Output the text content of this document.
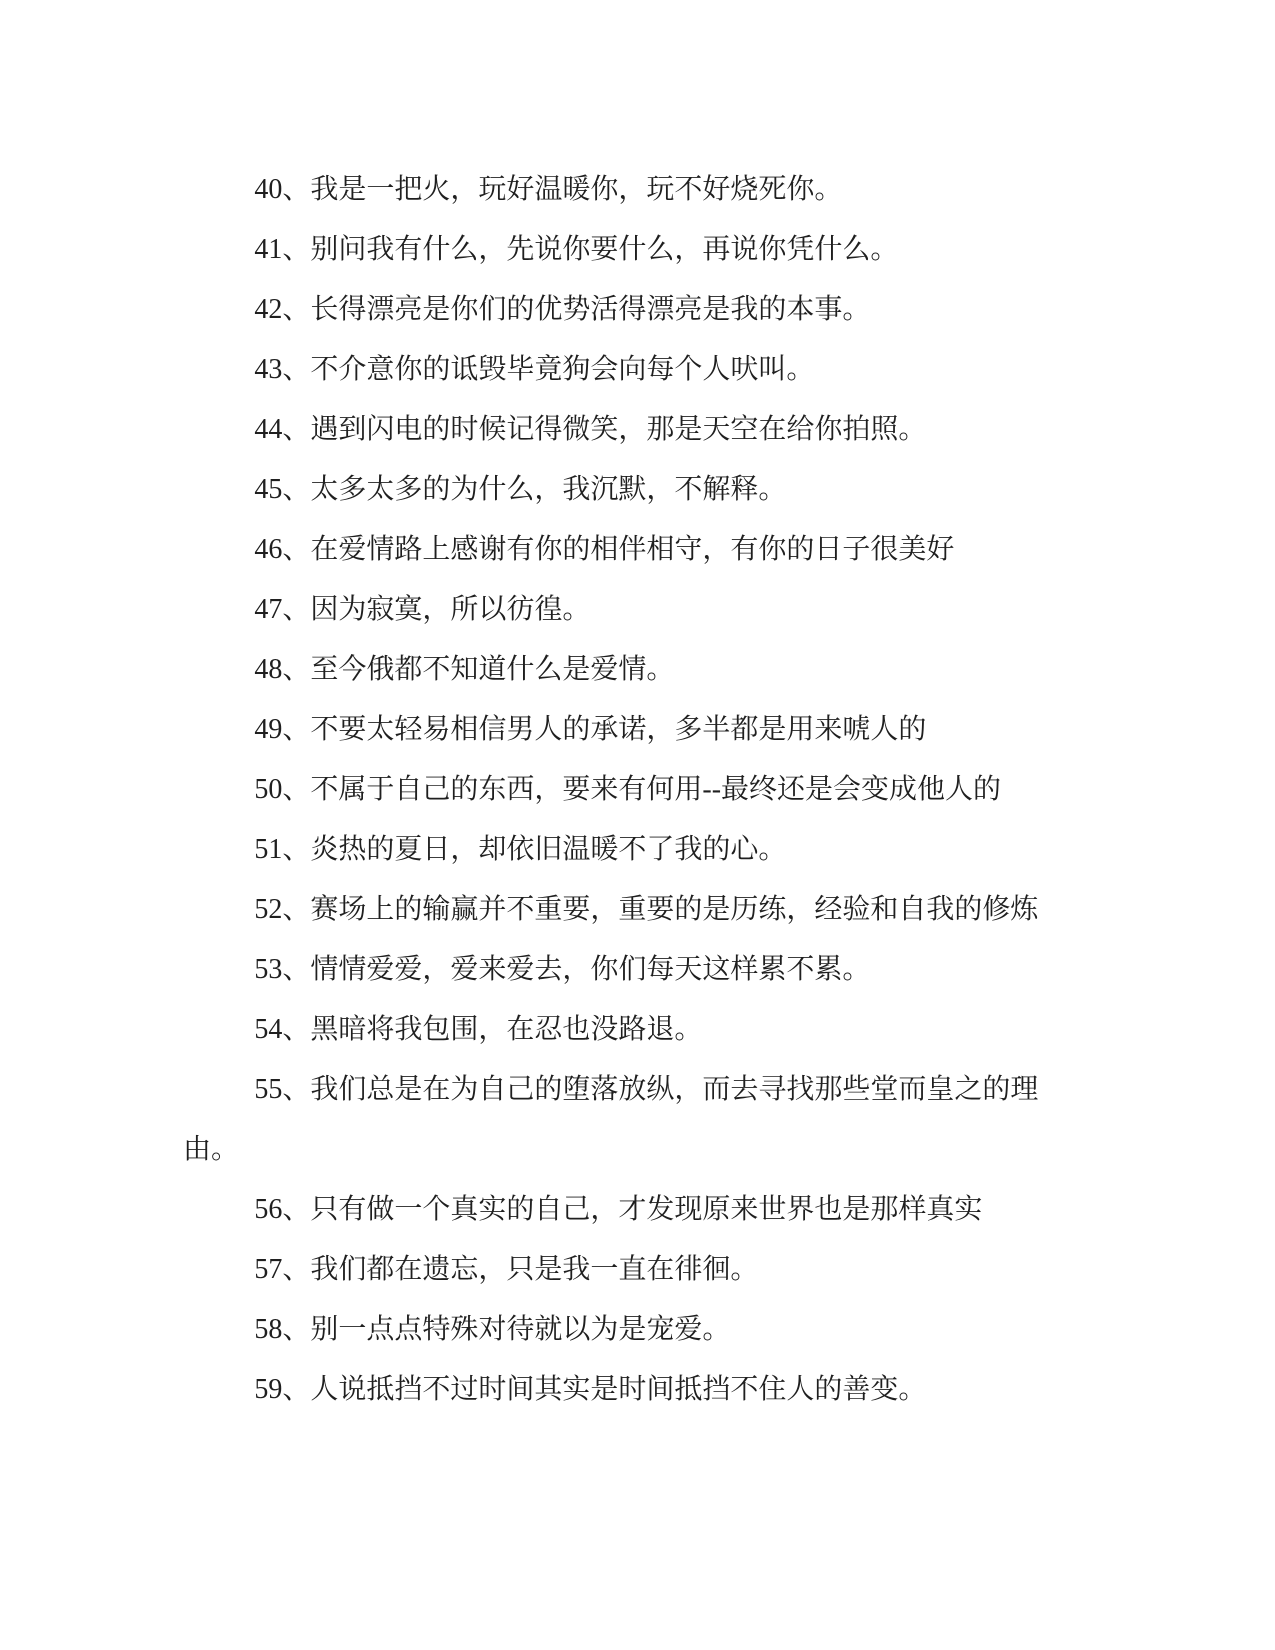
40、我是一把火，玩好温暖你，玩不好烧死你。

41、别问我有什么，先说你要什么，再说你凭什么。

42、长得漂亮是你们的优势活得漂亮是我的本事。

43、不介意你的诋毁毕竟狗会向每个人吠叫。

44、遇到闪电的时候记得微笑，那是天空在给你拍照。

45、太多太多的为什么，我沉默，不解释。

46、在爱情路上感谢有你的相伴相守，有你的日子很美好

47、因为寂寞，所以彷徨。

48、至今俄都不知道什么是爱情。

49、不要太轻易相信男人的承诺，多半都是用来唬人的

50、不属于自己的东西，要来有何用--最终还是会变成他人的

51、炎热的夏日，却依旧温暖不了我的心。

52、赛场上的输赢并不重要，重要的是历练，经验和自我的修炼

53、情情爱爱，爱来爱去，你们每天这样累不累。

54、黑暗将我包围，在忍也没路退。

55、我们总是在为自己的堕落放纵，而去寻找那些堂而皇之的理由。

56、只有做一个真实的自己，才发现原来世界也是那样真实

57、我们都在遗忘，只是我一直在徘徊。

58、别一点点特殊对待就以为是宠爱。

59、人说抵挡不过时间其实是时间抵挡不住人的善变。
